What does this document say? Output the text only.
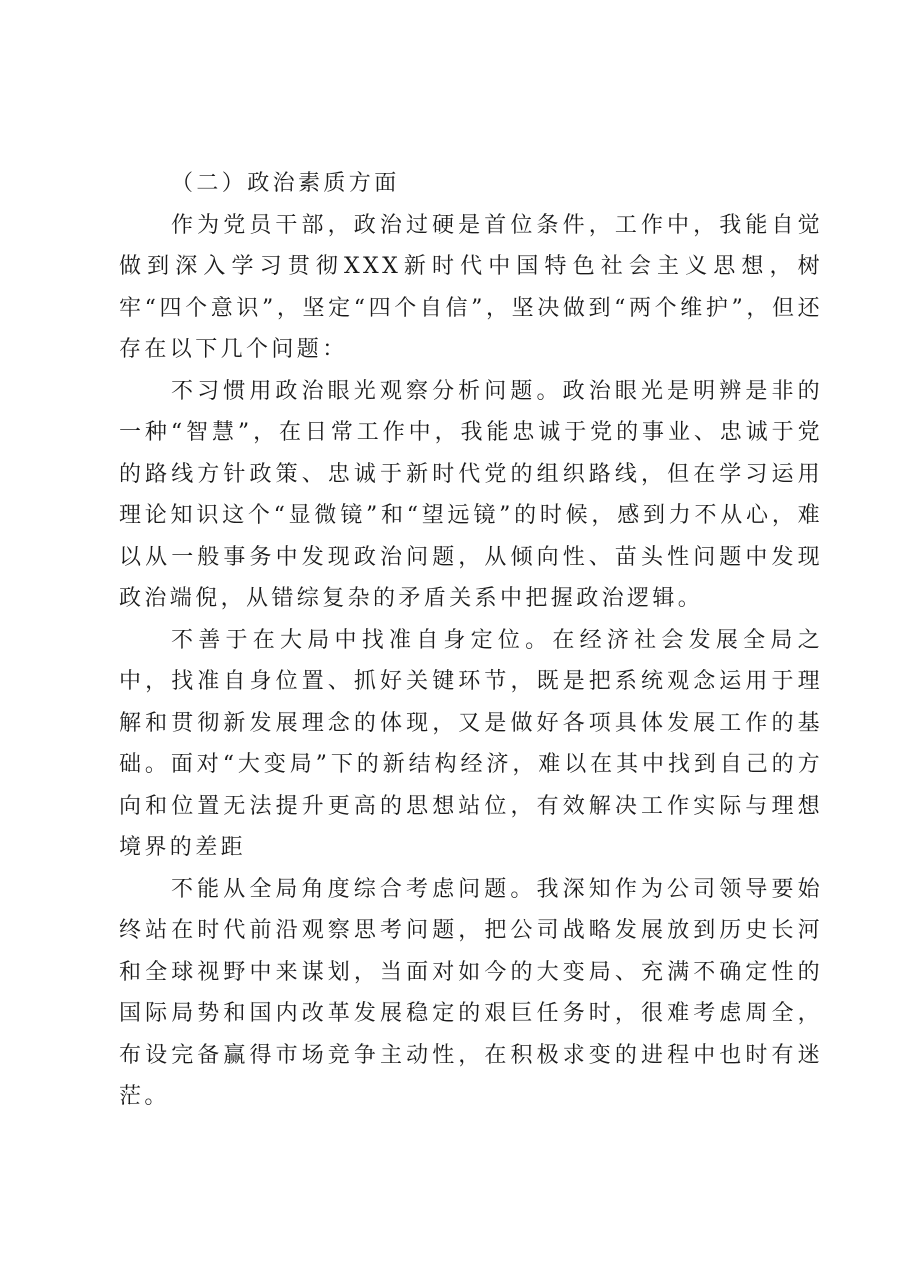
（二）政治素质方面

作为党员干部，政治过硬是首位条件，工作中，我能自觉做到深入学习贯彻XXX新时代中国特色社会主义思想，树牢“四个意识”，坚定“四个自信”，坚决做到“两个维护”，但还存在以下几个问题：

不习惯用政治眼光观察分析问题。政治眼光是明辨是非的一种“智慧”，在日常工作中，我能忠诚于党的事业、忠诚于党的路线方针政策、忠诚于新时代党的组织路线，但在学习运用理论知识这个“显微镜”和“望远镜”的时候，感到力不从心，难以从一般事务中发现政治问题，从倾向性、苗头性问题中发现政治端倪，从错综复杂的矛盾关系中把握政治逻辑。

不善于在大局中找准自身定位。在经济社会发展全局之中，找准自身位置、抓好关键环节，既是把系统观念运用于理解和贯彻新发展理念的体现，又是做好各项具体发展工作的基础。面对“大变局”下的新结构经济，难以在其中找到自己的方向和位置无法提升更高的思想站位，有效解决工作实际与理想境界的差距

不能从全局角度综合考虑问题。我深知作为公司领导要始终站在时代前沿观察思考问题，把公司战略发展放到历史长河和全球视野中来谋划，当面对如今的大变局、充满不确定性的国际局势和国内改革发展稳定的艰巨任务时，很难考虑周全，布设完备赢得市场竞争主动性，在积极求变的进程中也时有迷茫。
